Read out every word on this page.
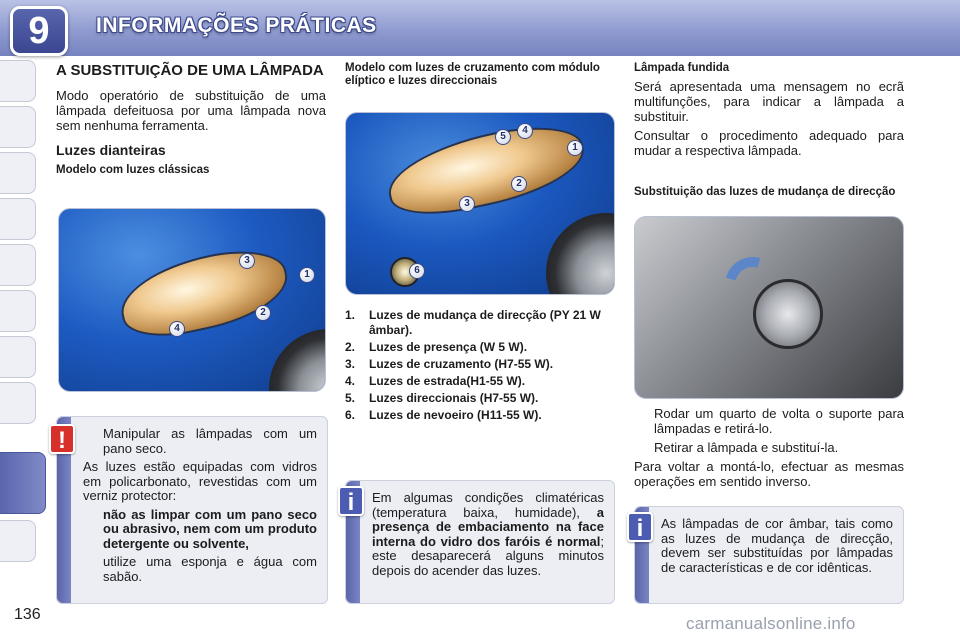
9	INFORMAÇÕES PRÁTICAS
A SUBSTITUIÇÃO DE UMA LÂMPADA

Modo operatório de substituição de uma lâmpada defeituosa por uma lâmpada nova sem nenhuma ferramenta.

Luzes dianteiras
Modelo com luzes clássicas
1
2
3
4
Manipular as lâmpadas com um pano seco.

As luzes estão equipadas com vidros em policarbonato, revestidas com um verniz protector:

não as limpar com um pano seco ou abrasivo, nem com um produto detergente ou solvente,
utilize uma esponja e água com sabão.
!
Modelo com luzes de cruzamento com módulo elíptico e luzes direccionais
1
2
3
4
5
6
1.	Luzes de mudança de direcção (PY 21 W âmbar).
2.	Luzes de presença (W 5 W).
3.	Luzes de cruzamento (H7-55 W).
4.	Luzes de estrada(H1-55 W).
5.	Luzes direccionais (H7-55 W).
6.	Luzes de nevoeiro (H11-55 W).
Em algumas condições climatéricas (temperatura baixa, humidade), a presença de embaciamento na face interna do vidro dos faróis é normal; este desaparecerá alguns minutos depois do acender das luzes.
i
Lâmpada fundida

Será apresentada uma mensagem no ecrã multifunções, para indicar a lâmpada a substituir.

Consultar o procedimento adequado para mudar a respectiva lâmpada.

Substituição das luzes de mudança de direcção
Rodar um quarto de volta o suporte para lâmpadas e retirá-lo.
Retirar a lâmpada e substituí-la.

Para voltar a montá-lo, efectuar as mesmas operações em sentido inverso.

As lâmpadas de cor âmbar, tais como as luzes de mudança de direcção, devem ser substituídas por lâmpadas de características e de cor idênticas.
i
136	carmanualsonline.info
